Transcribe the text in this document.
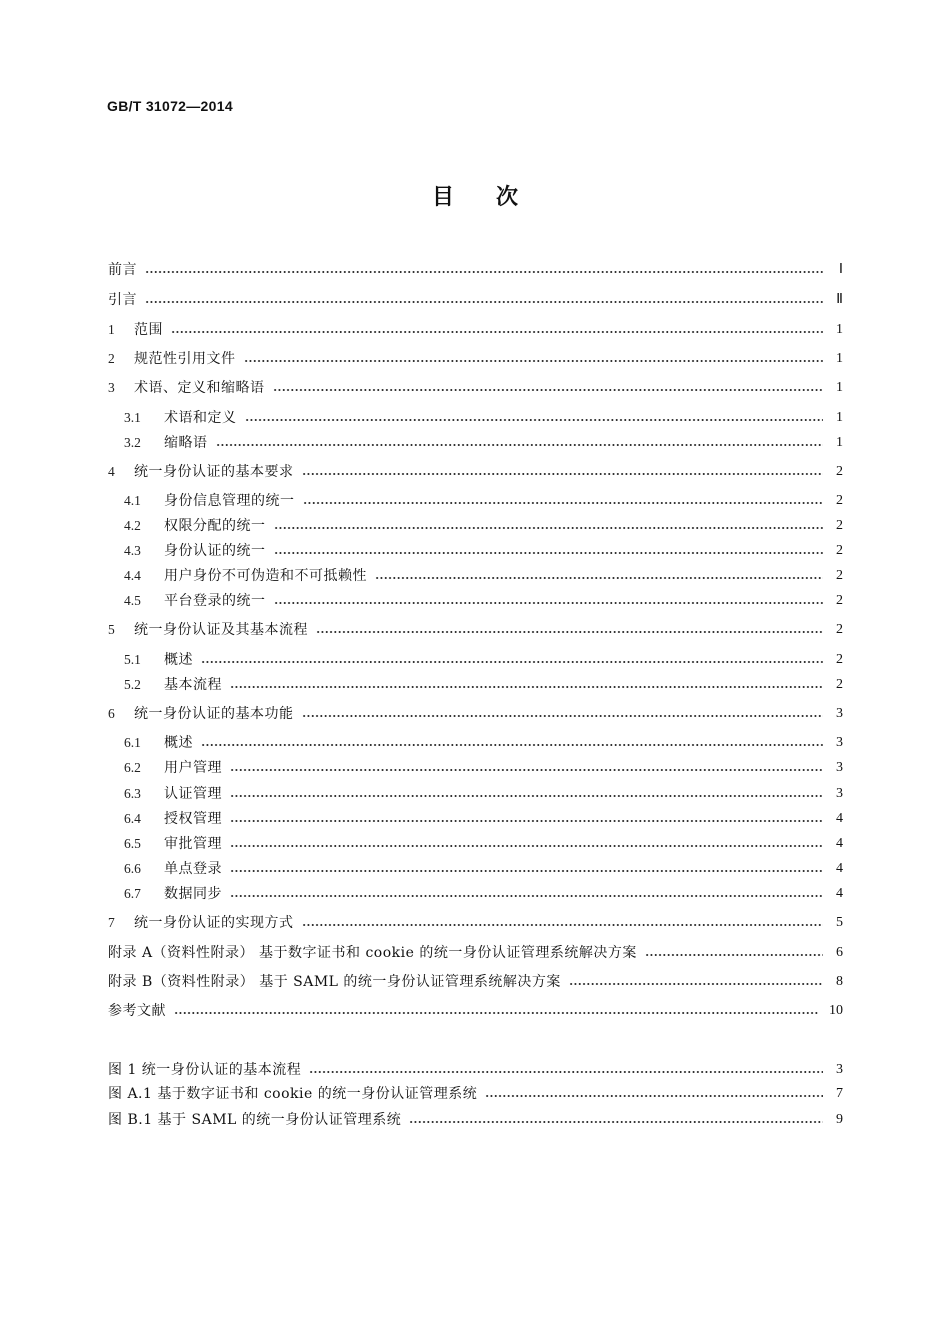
GB/T 31072—2014
目次
前言	Ⅰ
引言	Ⅱ
1	范围	1
2	规范性引用文件	1
3	术语、定义和缩略语	1
3.1	术语和定义	1
3.2	缩略语	1
4	统一身份认证的基本要求	2
4.1	身份信息管理的统一	2
4.2	权限分配的统一	2
4.3	身份认证的统一	2
4.4	用户身份不可伪造和不可抵赖性	2
4.5	平台登录的统一	2
5	统一身份认证及其基本流程	2
5.1	概述	2
5.2	基本流程	2
6	统一身份认证的基本功能	3
6.1	概述	3
6.2	用户管理	3
6.3	认证管理	3
6.4	授权管理	4
6.5	审批管理	4
6.6	单点登录	4
6.7	数据同步	4
7	统一身份认证的实现方式	5
附录 A（资料性附录） 基于数字证书和 cookie 的统一身份认证管理系统解决方案	6
附录 B（资料性附录） 基于 SAML 的统一身份认证管理系统解决方案	8
参考文献	10
图 1 统一身份认证的基本流程	3
图 A.1 基于数字证书和 cookie 的统一身份认证管理系统	7
图 B.1 基于 SAML 的统一身份认证管理系统	9
